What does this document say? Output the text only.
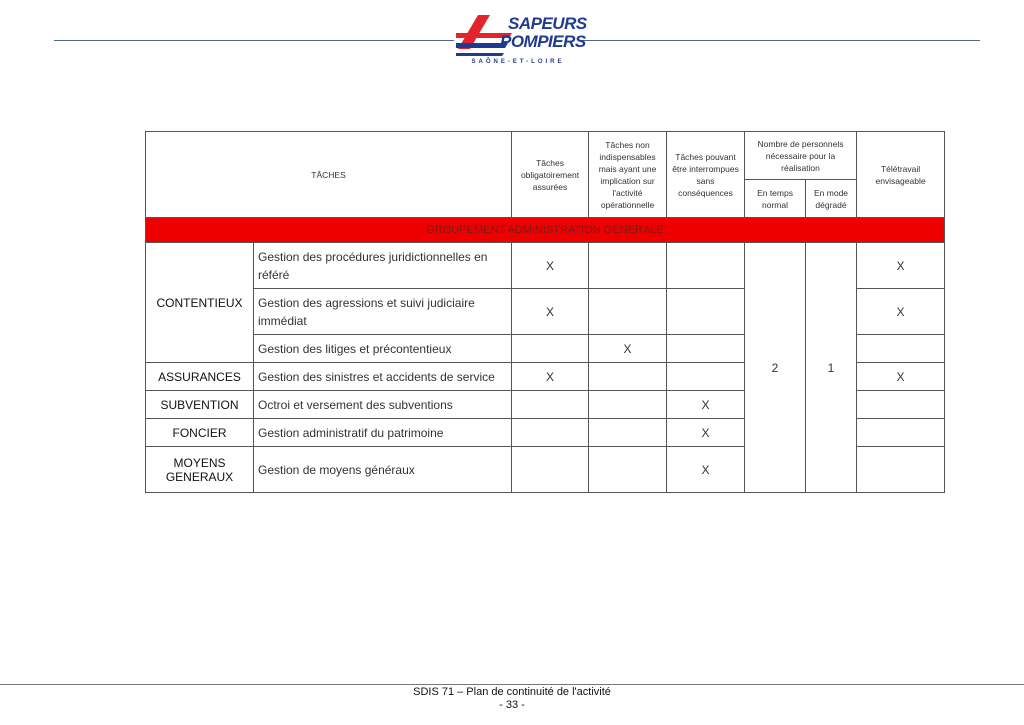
SAPEURS
POMPIERS
SAÔNE-ET-LOIRE
TÂCHES		Tâches obligatoirement assurées	Tâches non indispensables mais ayant une implication sur l'activité opérationnelle	Tâches pouvant être interrompues sans conséquences	Nombre de personnels nécessaire pour la réalisation		Télétravail envisageable
					En temps normal	En mode dégradé	
GROUPEMENT ADMINISTRATION GENERALE							
CONTENTIEUX	Gestion des procédures juridictionnelles en référé	X			2	1	X
	Gestion des agressions et suivi judiciaire immédiat	X					X
	Gestion des litiges et précontentieux		X				
ASSURANCES	Gestion des sinistres et accidents de service	X					X
SUBVENTION	Octroi et versement des subventions			X			
FONCIER	Gestion administratif du patrimoine			X			
MOYENS GENERAUX	Gestion de moyens généraux			X			
SDIS 71 – Plan de continuité de l'activité
- 33 -
